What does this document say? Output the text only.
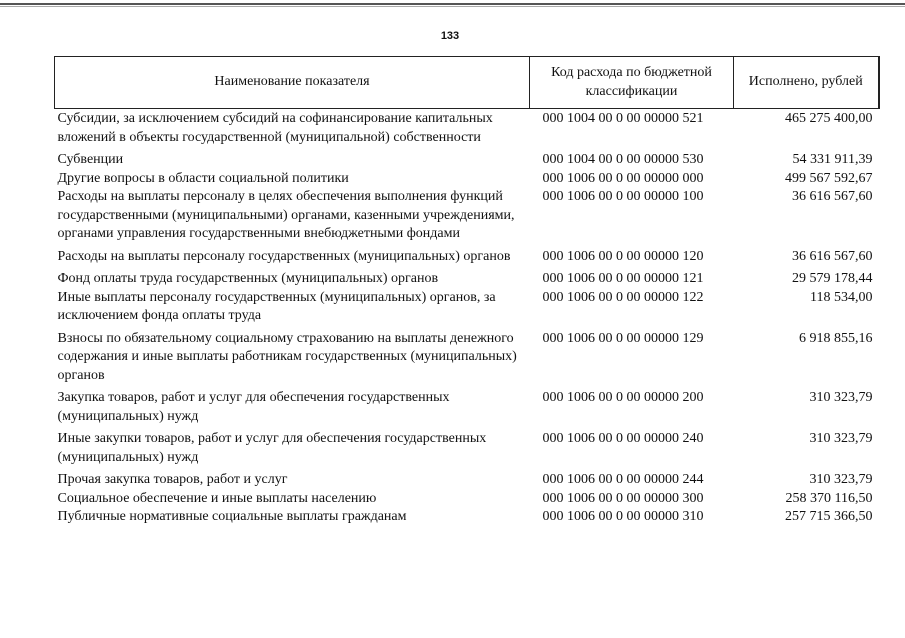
133
Наименование показателя	Код расхода по бюджетной классификации	Исполнено, рублей
Субсидии, за исключением субсидий на софинансирование капитальных вложений в объекты государственной (муниципальной) собственности	000 1004 00 0 00 00000 521	465 275 400,00
Субвенции	000 1004 00 0 00 00000 530	54 331 911,39
Другие вопросы в области социальной политики	000 1006 00 0 00 00000 000	499 567 592,67
Расходы на выплаты персоналу в целях обеспечения выполнения функций государственными (муниципальными) органами, казенными учреждениями, органами управления государственными внебюджетными фондами	000 1006 00 0 00 00000 100	36 616 567,60
Расходы на выплаты персоналу государственных (муниципальных) органов	000 1006 00 0 00 00000 120	36 616 567,60
Фонд оплаты труда государственных (муниципальных) органов	000 1006 00 0 00 00000 121	29 579 178,44
Иные выплаты персоналу государственных (муниципальных) органов, за исключением фонда оплаты труда	000 1006 00 0 00 00000 122	118 534,00
Взносы по обязательному социальному страхованию на выплаты денежного содержания и иные выплаты работникам государственных (муниципальных) органов	000 1006 00 0 00 00000 129	6 918 855,16
Закупка товаров, работ и услуг для обеспечения государственных (муниципальных) нужд	000 1006 00 0 00 00000 200	310 323,79
Иные закупки товаров, работ и услуг для обеспечения государственных (муниципальных) нужд	000 1006 00 0 00 00000 240	310 323,79
Прочая закупка товаров, работ и услуг	000 1006 00 0 00 00000 244	310 323,79
Социальное обеспечение и иные выплаты населению	000 1006 00 0 00 00000 300	258 370 116,50
Публичные нормативные социальные выплаты гражданам	000 1006 00 0 00 00000 310	257 715 366,50
